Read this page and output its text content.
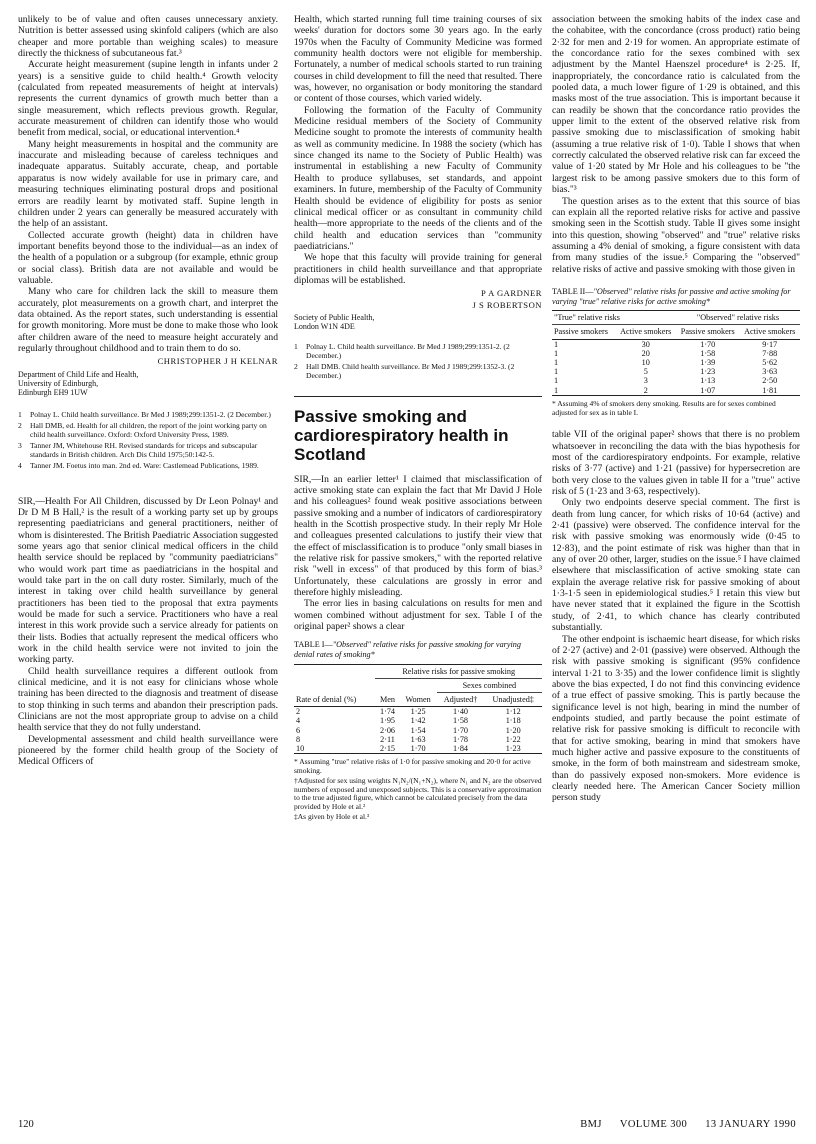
unlikely to be of value and often causes unnecessary anxiety. Nutrition is better assessed using skinfold calipers (which are also cheaper and more portable than weighing scales) to measure directly the thickness of subcutaneous fat.³

Accurate height measurement (supine length in infants under 2 years) is a sensitive guide to child health.⁴ Growth velocity (calculated from repeated measurements of height at intervals) represents the current dynamics of growth much better than a single measurement, which reflects previous growth. Regular, accurate measurement of children can identify those who would benefit from medical, social, or educational intervention.⁴

Many height measurements in hospital and the community are inaccurate and misleading because of careless techniques and inadequate apparatus. Suitably accurate, cheap, and portable apparatus is now widely available for use in primary care, and measuring techniques eliminating postural drops and positional errors are readily learnt by motivated staff. Supine length in children under 2 years can generally be measured accurately with the help of an assistant.

Collected accurate growth (height) data in children have important benefits beyond those to the individual—as an index of the health of a population or a subgroup (for example, ethnic group or social class). British data are not available and would be valuable.

Many who care for children lack the skill to measure them accurately, plot measurements on a growth chart, and interpret the data obtained. As the report states, such understanding is essential for growth monitoring. More must be done to make those who look after children aware of the need to measure height accurately and regularly throughout childhood and to train them to do so.

CHRISTOPHER J H KELNAR
Department of Child Life and Health,
University of Edinburgh,
Edinburgh EH9 1UW
1 Polnay L. Child health surveillance. Br Med J 1989;299:1351-2. (2 December.)
2 Hall DMB, ed. Health for all children, the report of the joint working party on child health surveillance. Oxford: Oxford University Press, 1989.
3 Tanner JM, Whitehouse RH. Revised standards for triceps and subscapular standards in British children. Arch Dis Child 1975;50:142-5.
4 Tanner JM. Foetus into man. 2nd ed. Ware: Castlemead Publications, 1989.

SIR,—Health For All Children, discussed by Dr Leon Polnay¹ and Dr D M B Hall,² is the result of a working party set up by groups representing paediatricians and general practitioners, neither of whom is disinterested. The British Paediatric Association suggested some years ago that senior clinical medical officers in the child health service should be replaced by "community paediatricians" who would work part time as paediatricians in the hospital and would take part in the on call duty roster. Similarly, much of the interest in taking over child health surveillance by general practitioners has been tied to the proposal that extra payments would be made for such a service. Practitioners who have a real interest in this work provide such a service already for patients on their lists. Bodies that actually represent the medical officers who work in the child health service were not invited to join the working party.

Child health surveillance requires a different outlook from clinical medicine, and it is not easy for clinicians whose whole training has been directed to the diagnosis and treatment of disease to stop thinking in such terms and abandon their prescription pads. Clinicians are not the most appropriate group to advise on a child health service that they do not fully understand.

Developmental assessment and child health surveillance were pioneered by the former child health group of the Society of Medical Officers of

Health, which started running full time training courses of six weeks' duration for doctors some 30 years ago. In the early 1970s when the Faculty of Community Medicine was formed community health doctors were not eligible for membership. Fortunately, a number of medical schools started to run training courses in child development to fill the need that resulted. There was, however, no organisation or body monitoring the standard or content of those courses, which varied widely.

Following the formation of the Faculty of Community Medicine residual members of the Society of Community Medicine sought to promote the interests of community health as well as community medicine. In 1988 the society (which has since changed its name to the Society of Public Health) was instrumental in establishing a new Faculty of Community Health to produce syllabuses, set standards, and appoint examiners. In future, membership of the Faculty of Community Health should be evidence of eligibility for posts as senior clinical medical officer or as consultant in community child health—more appropriate to the needs of the clients and of the child health and education services than "community paediatricians."

We hope that this faculty will provide training for general practitioners in child health surveillance and that appropriate diplomas will be established.

P A GARDNER
J S ROBERTSON
Society of Public Health,
London W1N 4DE
1 Polnay L. Child health surveillance. Br Med J 1989;299:1351-2. (2 December.)
2 Hall DMB. Child health surveillance. Br Med J 1989;299:1352-3. (2 December.)
Passive smoking and cardiorespiratory health in Scotland

SIR,—In an earlier letter¹ I claimed that misclassification of active smoking state can explain the fact that Mr David J Hole and his colleagues² found weak positive associations between passive smoking and a number of indicators of cardiorespiratory health in the Scottish prospective study. In their reply Mr Hole and colleagues presented calculations to justify their view that the effect of misclassification is to produce "only small biases in the relative risk for passive smokers," with the reported relative risk "well in excess" of that produced by this form of bias.³ Unfortunately, these calculations are grossly in error and therefore highly misleading.

The error lies in basing calculations on results for men and women combined without adjustment for sex. Table I of the original paper² shows a clear

TABLE I—"Observed" relative risks for passive smoking for varying denial rates of smoking*
	Relative risks for passive smoking			
			Sexes combined	
Rate of denial (%)	Men	Women	Adjusted†	Unadjusted‡
2	1·74	1·25	1·40	1·12
4	1·95	1·42	1·58	1·18
6	2·06	1·54	1·70	1·20
8	2·11	1·63	1·78	1·22
10	2·15	1·70	1·84	1·23
* Assuming "true" relative risks of 1·0 for passive smoking and 20·0 for active smoking.
†Adjusted for sex using weights N₁N₂/(N₁+N₂), where N₁ and N₂ are the observed numbers of exposed and unexposed subjects. This is a conservative approximation to the true adjusted figure, which cannot be calculated precisely from the data provided by Hole et al.²
‡As given by Hole et al.³

association between the smoking habits of the index case and the cohabitee, with the concordance (cross product) ratio being 2·32 for men and 2·19 for women. An appropriate estimate of the concordance ratio for the sexes combined with sex adjustment by the Mantel Haenszel procedure⁴ is 2·25. If, inappropriately, the concordance ratio is calculated from the pooled data, a much lower figure of 1·29 is obtained, and this masks most of the true association. This is important because it can readily be shown that the concordance ratio provides the upper limit to the extent of the observed relative risk from passive smoking due to misclassification of smoking habit (assuming a true relative risk of 1·0). Table I shows that when correctly calculated the observed relative risk can far exceed the value of 1·20 stated by Mr Hole and his colleagues to be "the largest risk to be among passive smokers due to this form of bias."³

The question arises as to the extent that this source of bias can explain all the reported relative risks for active and passive smoking seen in the Scottish study. Table II gives some insight into this question, showing "observed" and "true" relative risks assuming a 4% denial of smoking, a figure consistent with data from many studies of the issue.⁵ Comparing the "observed" relative risks of active and passive smoking with those given in

TABLE II—"Observed" relative risks for passive and active smoking for varying "true" relative risks for active smoking*
"True" relative risks		"Observed" relative risks	
Passive smokers	Active smokers	Passive smokers	Active smokers
1	30	1·70	9·17
1	20	1·58	7·88
1	10	1·39	5·62
1	5	1·23	3·63
1	3	1·13	2·50
1	2	1·07	1·81
* Assuming 4% of smokers deny smoking. Results are for sexes combined adjusted for sex as in table I.

table VII of the original paper² shows that there is no problem whatsoever in reconciling the data with the bias hypothesis for most of the cardiorespiratory endpoints. For example, relative risks of 3·77 (active) and 1·21 (passive) for hypersecretion are both very close to the values given in table II for a "true" active risk of 5 (1·23 and 3·63, respectively).

Only two endpoints deserve special comment. The first is death from lung cancer, for which risks of 10·64 (active) and 2·41 (passive) were observed. The confidence interval for the risk with passive smoking was enormously wide (0·45 to 12·83), and the point estimate of risk was higher than that in any of over 20 other, larger, studies on the issue.⁵ I have claimed elsewhere that misclassification of active smoking state can explain the average relative risk for passive smoking of about 1·3-1·5 seen in epidemiological studies.⁵ I retain this view but have never stated that it explained the figure in the Scottish study, of 2·41, to which chance has clearly contributed substantially.

The other endpoint is ischaemic heart disease, for which risks of 2·27 (active) and 2·01 (passive) were observed. Although the risk with passive smoking is significant (95% confidence interval 1·21 to 3·35) and the lower confidence limit is slightly above the bias expected, I do not find this convincing evidence of a true effect of passive smoking. This is partly because the significance level is not high, bearing in mind the number of endpoints studied, and partly because the point estimate of relative risk for passive smoking is difficult to reconcile with that for active smoking, bearing in mind that smokers have much higher active and passive exposure to the constituents of smoke, in the form of both mainstream and sidestream smoke, than do passively exposed non-smokers. More evidence is clearly needed here. The American Cancer Society million person study

120	BMJ VOLUME 300 13 JANUARY 1990
